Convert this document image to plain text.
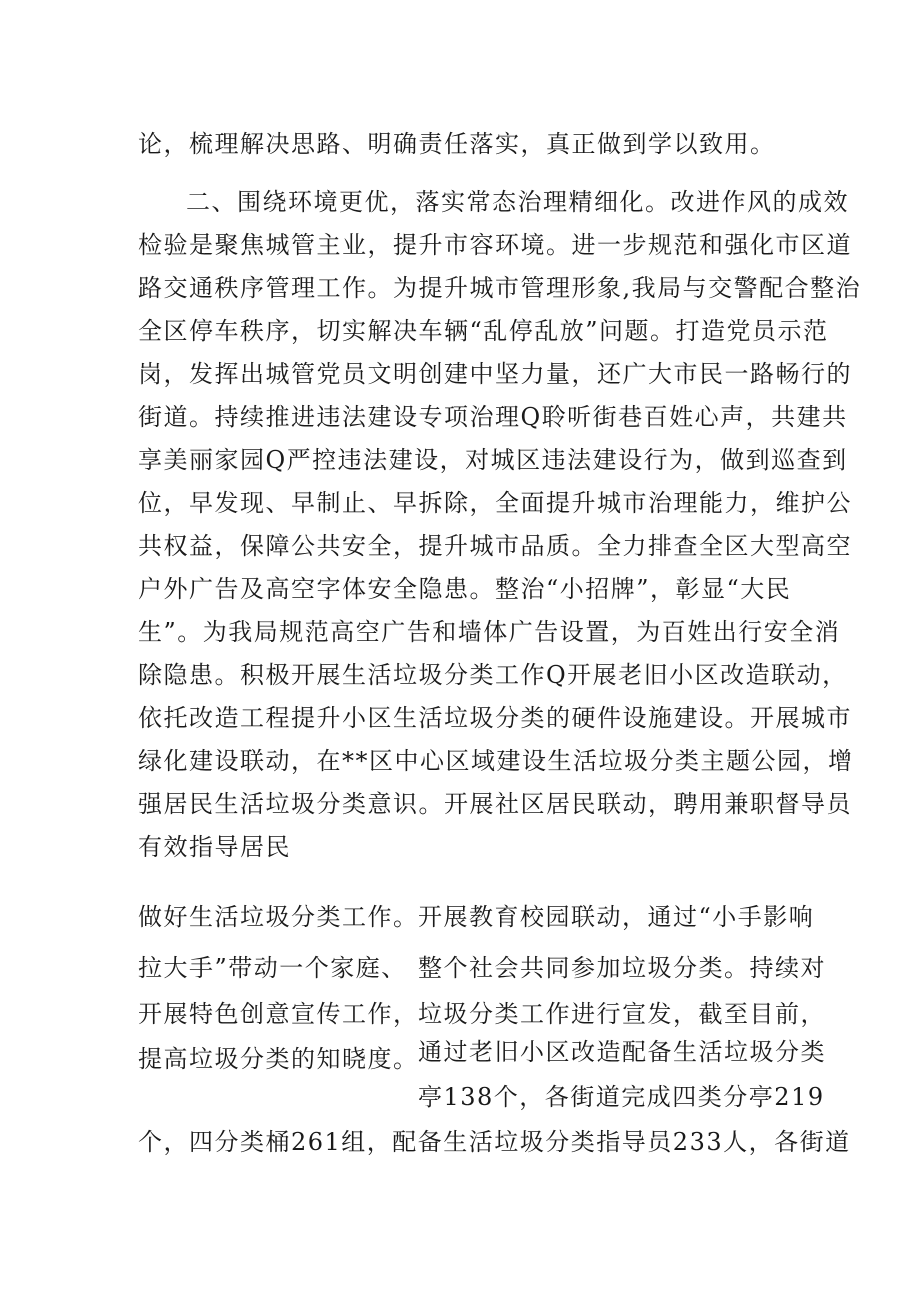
论，梳理解决思路、明确责任落实，真正做到学以致用。
二、围绕环境更优，落实常态治理精细化。改进作风的成效
检验是聚焦城管主业，提升市容环境。进一步规范和强化市区道
路交通秩序管理工作。为提升城市管理形象,我局与交警配合整治
全区停车秩序，切实解决车辆“乱停乱放”问题。打造党员示范
岗，发挥出城管党员文明创建中坚力量，还广大市民一路畅行的
街道。持续推进违法建设专项治理Q聆听街巷百姓心声，共建共
享美丽家园Q严控违法建设，对城区违法建设行为，做到巡查到
位，早发现、早制止、早拆除，全面提升城市治理能力，维护公
共权益，保障公共安全，提升城市品质。全力排查全区大型高空
户外广告及高空字体安全隐患。整治“小招牌”，彰显“大民
生”。为我局规范高空广告和墙体广告设置，为百姓出行安全消
除隐患。积极开展生活垃圾分类工作Q开展老旧小区改造联动，
依托改造工程提升小区生活垃圾分类的硬件设施建设。开展城市
绿化建设联动，在**区中心区域建设生活垃圾分类主题公园，增
强居民生活垃圾分类意识。开展社区居民联动，聘用兼职督导员
有效指导居民
做好生活垃圾分类工作。
拉大手”带动一个家庭、
开展特色创意宣传工作，
提高垃圾分类的知晓度。
开展教育校园联动，通过“小手影响
整个社会共同参加垃圾分类。持续对
垃圾分类工作进行宣发，截至目前，
通过老旧小区改造配备生活垃圾分类
亭138个，各街道完成四类分亭219
个，四分类桶261组，配备生活垃圾分类指导员233人，各街道
